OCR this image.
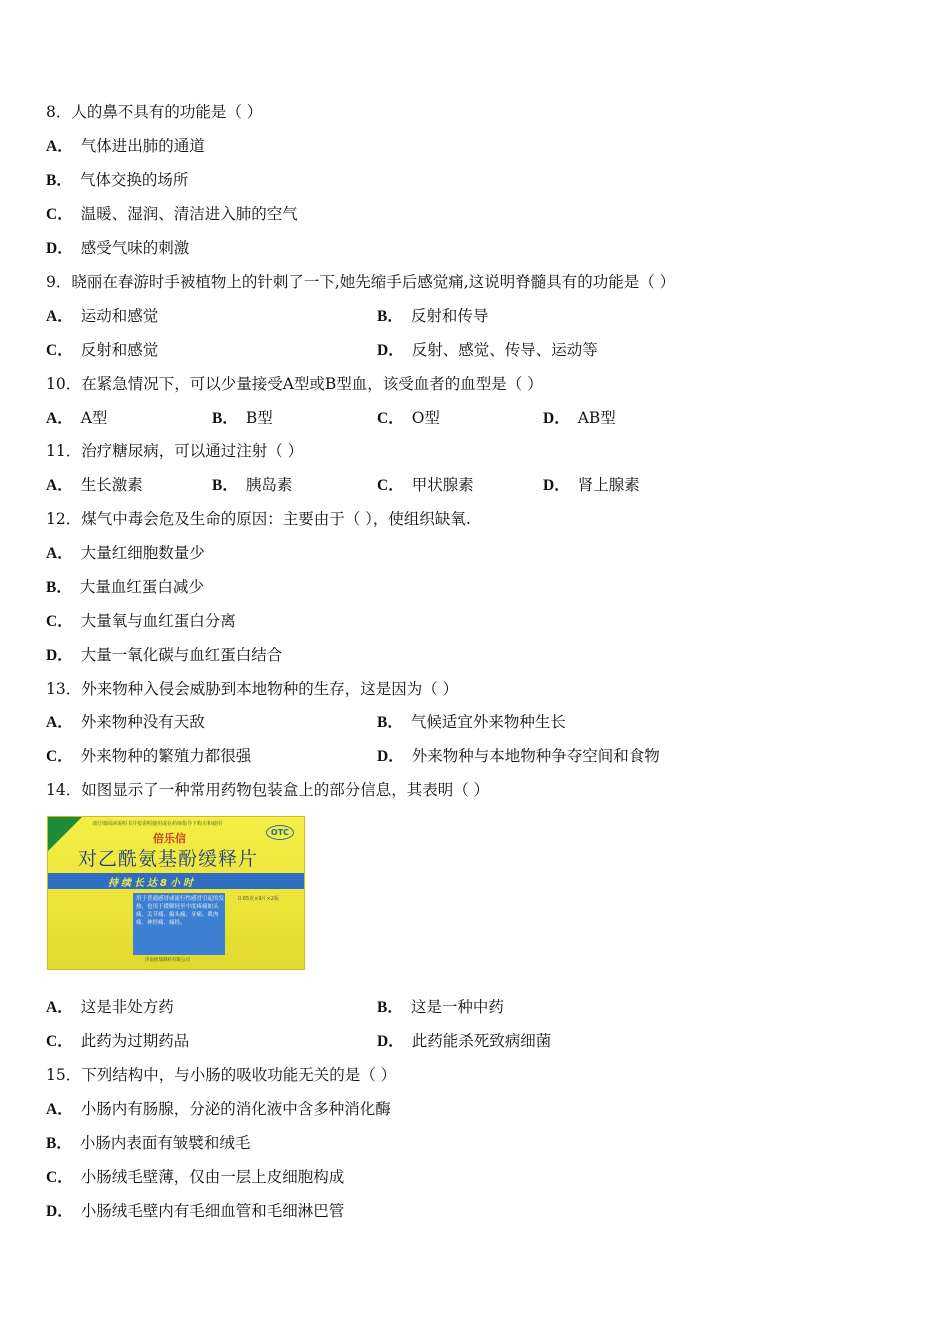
8．人的鼻不具有的功能是（ ）
A． 气体进出肺的通道
B． 气体交换的场所
C． 温暖、湿润、清洁进入肺的空气
D． 感受气味的刺激
9．晓丽在春游时手被植物上的针刺了一下,她先缩手后感觉痛,这说明脊髓具有的功能是（ ）
A． 运动和感觉	B． 反射和传导
C． 反射和感觉	D． 反射、感觉、传导、运动等
10．在紧急情况下，可以少量接受A型或B型血，该受血者的血型是（ ）
A． A型	B． B型	C． O型	D． AB型
11．治疗糖尿病，可以通过注射（ ）
A． 生长激素	B． 胰岛素	C． 甲状腺素	D． 肾上腺素
12．煤气中毒会危及生命的原因：主要由于（ ），使组织缺氧.
A． 大量红细胞数量少
B． 大量血红蛋白减少
C． 大量氧与血红蛋白分离
D． 大量一氧化碳与血红蛋白结合
13．外来物种入侵会威胁到本地物种的生存，这是因为（ ）
A． 外来物种没有天敌	B． 气候适宜外来物种生长
C． 外来物种的繁殖力都很强	D． 外来物种与本地物种争夺空间和食物
14．如图显示了一种常用药物包装盒上的部分信息，其表明（ ）
请仔细阅读说明书并按说明使用或在药师指导下购买和使用
倍乐信	OTC
对乙酰氨基酚缓释片
持续长达8小时
用于普通感冒或流行性感冒引起的发热，也用于缓解轻至中度疼痛如头痛、关节痛、偏头痛、牙痛、肌肉痛、神经痛、痛经。
0.65克×9片×2板
济南恒瑞制药有限公司
A． 这是非处方药	B． 这是一种中药
C． 此药为过期药品	D． 此药能杀死致病细菌
15．下列结构中，与小肠的吸收功能无关的是（ ）
A． 小肠内有肠腺，分泌的消化液中含多种消化酶
B． 小肠内表面有皱襞和绒毛
C． 小肠绒毛壁薄，仅由一层上皮细胞构成
D． 小肠绒毛壁内有毛细血管和毛细淋巴管
